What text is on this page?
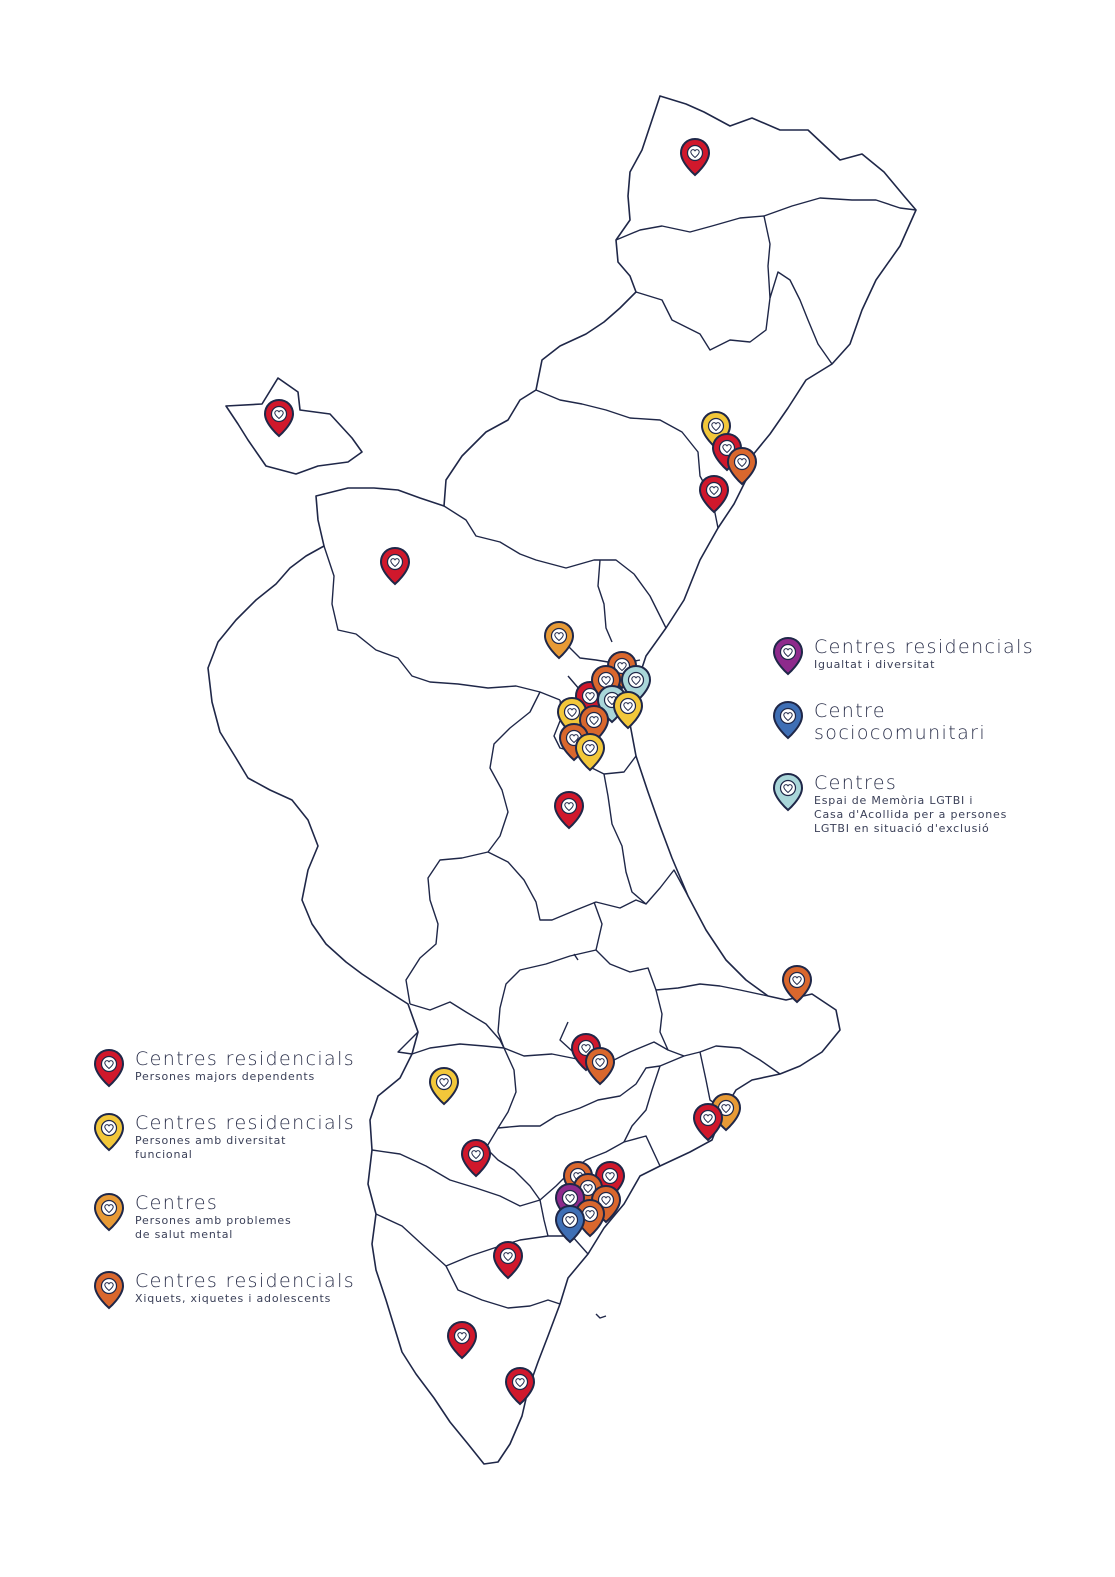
Centres residencials
Igualtat i diversitat
Centre
sociocomunitari
Centres
Espai de Memòria LGTBI i
Casa d'Acollida per a persones
LGTBI en situació d'exclusió
Centres residencials
Persones majors dependents
Centres residencials
Persones amb diversitat
funcional
Centres
Persones amb problemes
de salut mental
Centres residencials
Xiquets, xiquetes i adolescents
